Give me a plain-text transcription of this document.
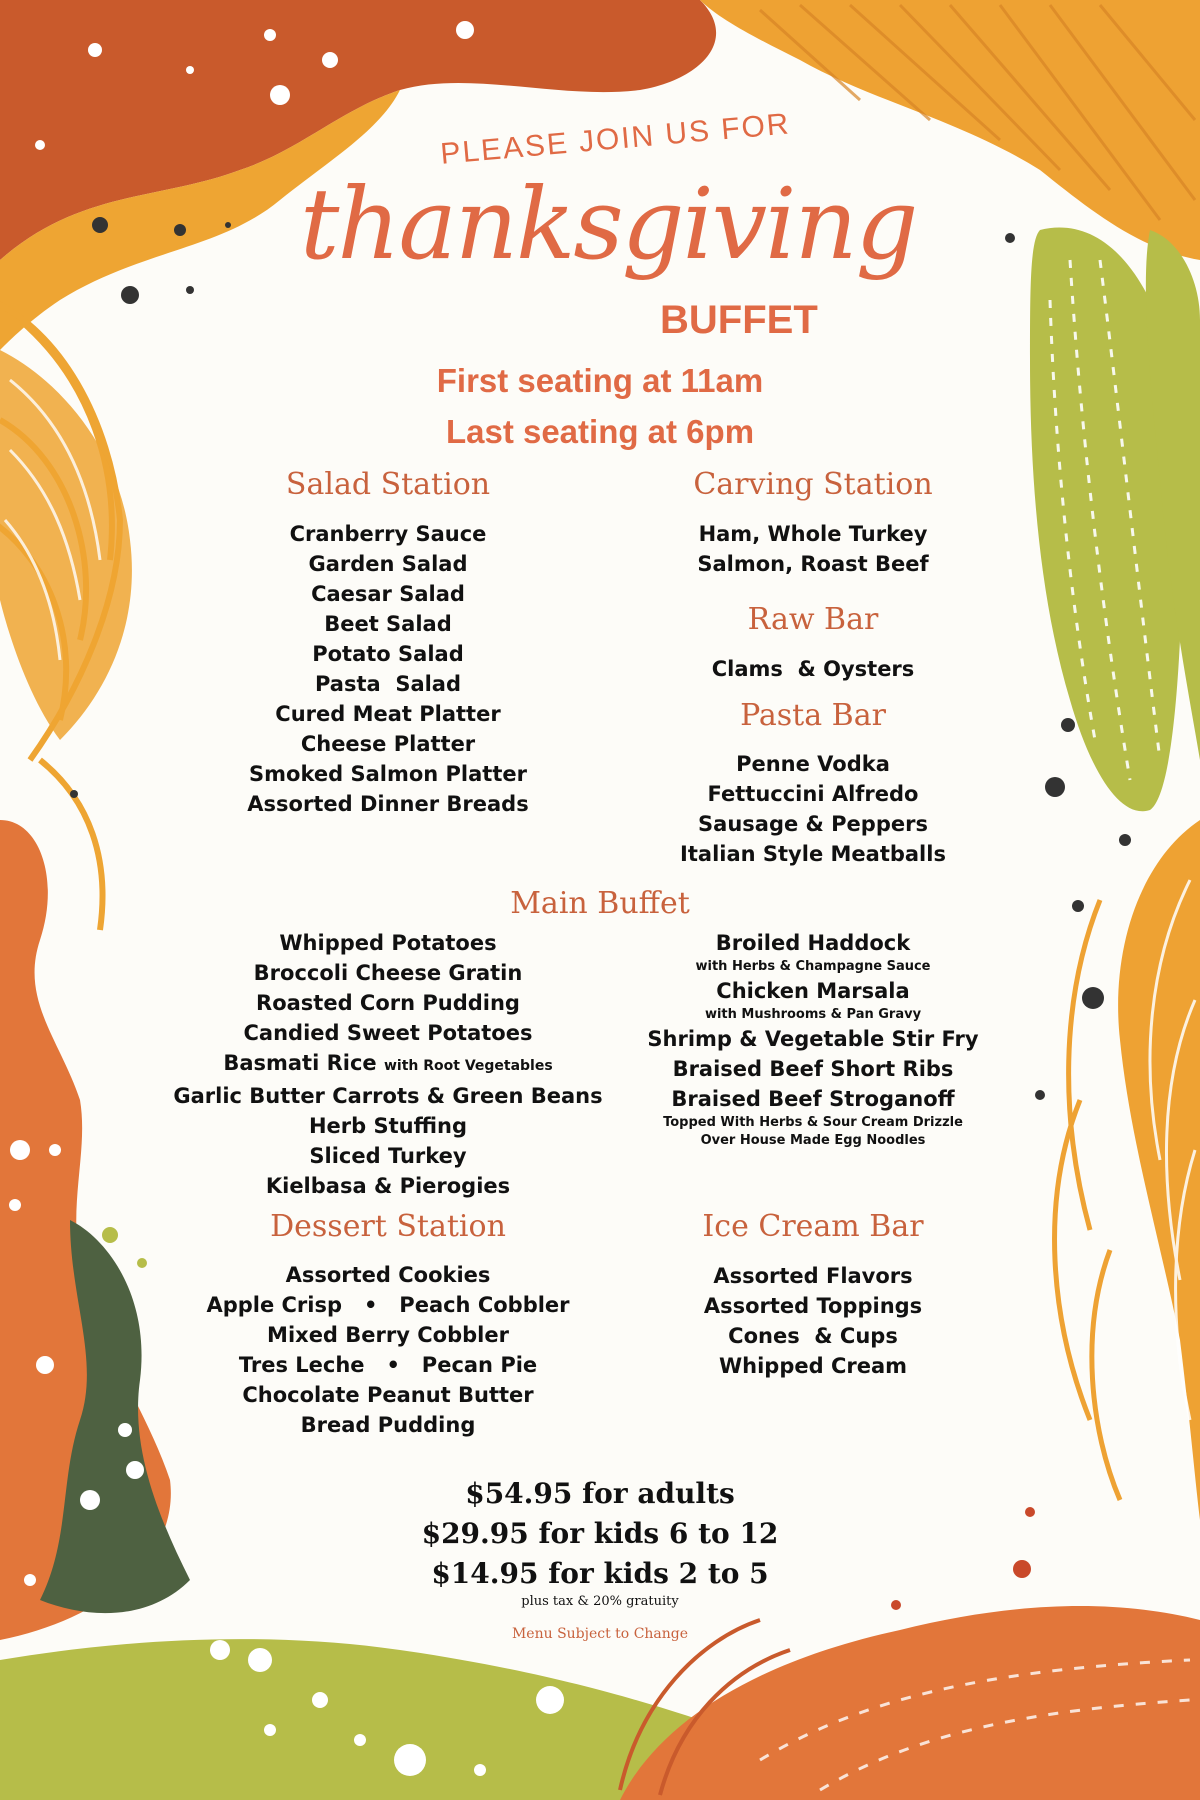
PLEASE JOIN US FOR
thanksgiving
BUFFET
First seating at 11am
Last seating at 6pm
Salad Station
Cranberry Sauce
Garden Salad
Caesar Salad
Beet Salad
Potato Salad
Pasta  Salad
Cured Meat Platter
Cheese Platter
Smoked Salmon Platter
Assorted Dinner Breads
Carving Station
Ham, Whole Turkey
Salmon, Roast Beef
Raw Bar
Clams  & Oysters
Pasta Bar
Penne Vodka
Fettuccini Alfredo
Sausage & Peppers
Italian Style Meatballs
Main Buffet
Whipped Potatoes
Broccoli Cheese Gratin
Roasted Corn Pudding
Candied Sweet Potatoes
Basmati Rice with Root Vegetables
Garlic Butter Carrots & Green Beans
Herb Stuffing
Sliced Turkey
Kielbasa & Pierogies
Broiled Haddock
with Herbs & Champagne Sauce
Chicken Marsala
with Mushrooms & Pan Gravy
Shrimp & Vegetable Stir Fry
Braised Beef Short Ribs
Braised Beef Stroganoff
Topped With Herbs & Sour Cream Drizzle
Over House Made Egg Noodles
Dessert Station
Assorted Cookies
Apple Crisp   •   Peach Cobbler
Mixed Berry Cobbler
Tres Leche   •   Pecan Pie
Chocolate Peanut Butter
Bread Pudding
Ice Cream Bar
Assorted Flavors
Assorted Toppings
Cones  & Cups
Whipped Cream
$54.95 for adults
$29.95 for kids 6 to 12
$14.95 for kids 2 to 5
plus tax & 20% gratuity
Menu Subject to Change
